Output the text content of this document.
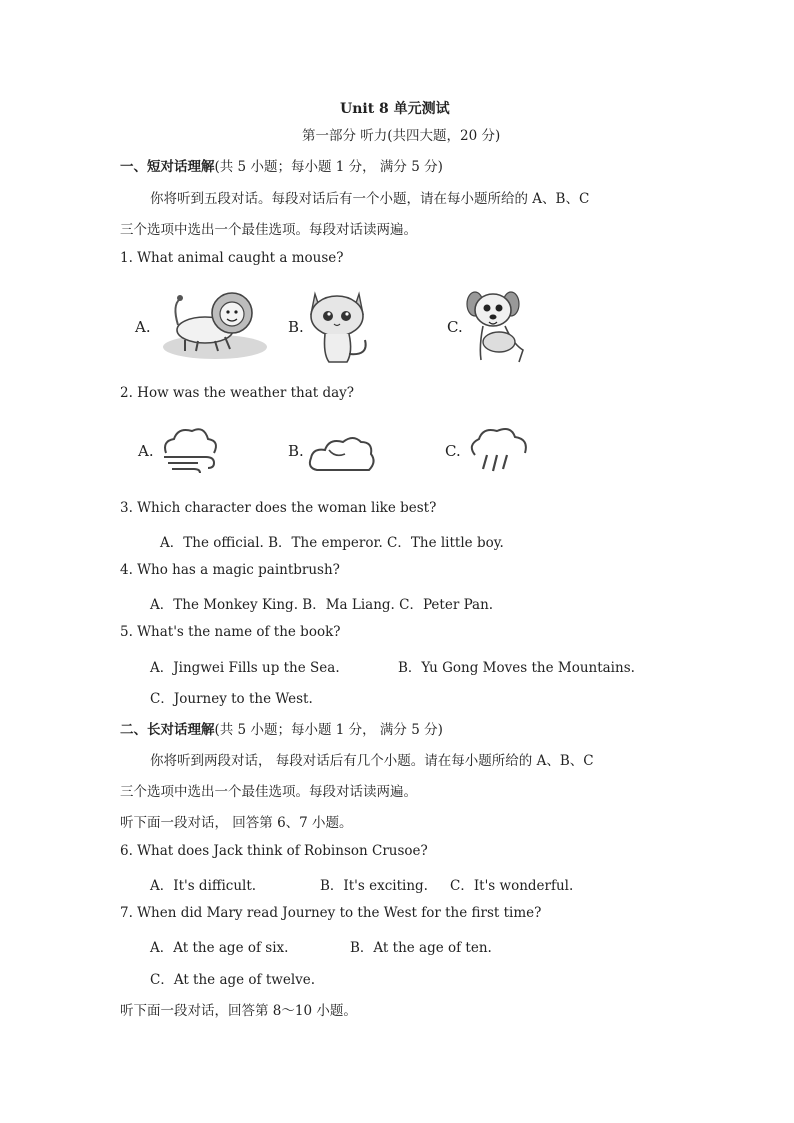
Unit 8 单元测试
第一部分 听力(共四大题，20 分)
一、短对话理解(共 5 小题；每小题 1 分， 满分 5 分)
你将听到五段对话。每段对话后有一个小题，请在每小题所给的 A、B、C
三个选项中选出一个最佳选项。每段对话读两遍。
1. What animal caught a mouse?
A.	B.	C.
2. How was the weather that day?
A.	B.	C.
3. Which character does the woman like best?
A．The official. B．The emperor. C．The little boy.
4. Who has a magic paintbrush?
A．The Monkey King. B．Ma Liang. C．Peter Pan.
5. What's the name of the book?
A．Jingwei Fills up the Sea.	B．Yu Gong Moves the Mountains.
C．Journey to the West.
二、长对话理解(共 5 小题；每小题 1 分， 满分 5 分)
你将听到两段对话， 每段对话后有几个小题。请在每小题所给的 A、B、C
三个选项中选出一个最佳选项。每段对话读两遍。
听下面一段对话， 回答第 6、7 小题。
6. What does Jack think of Robinson Crusoe?
A．It's difficult.	B．It's exciting. C．It's wonderful.
7. When did Mary read Journey to the West for the first time?
A．At the age of six.	B．At the age of ten.
C．At the age of twelve.
听下面一段对话，回答第 8～10 小题。
